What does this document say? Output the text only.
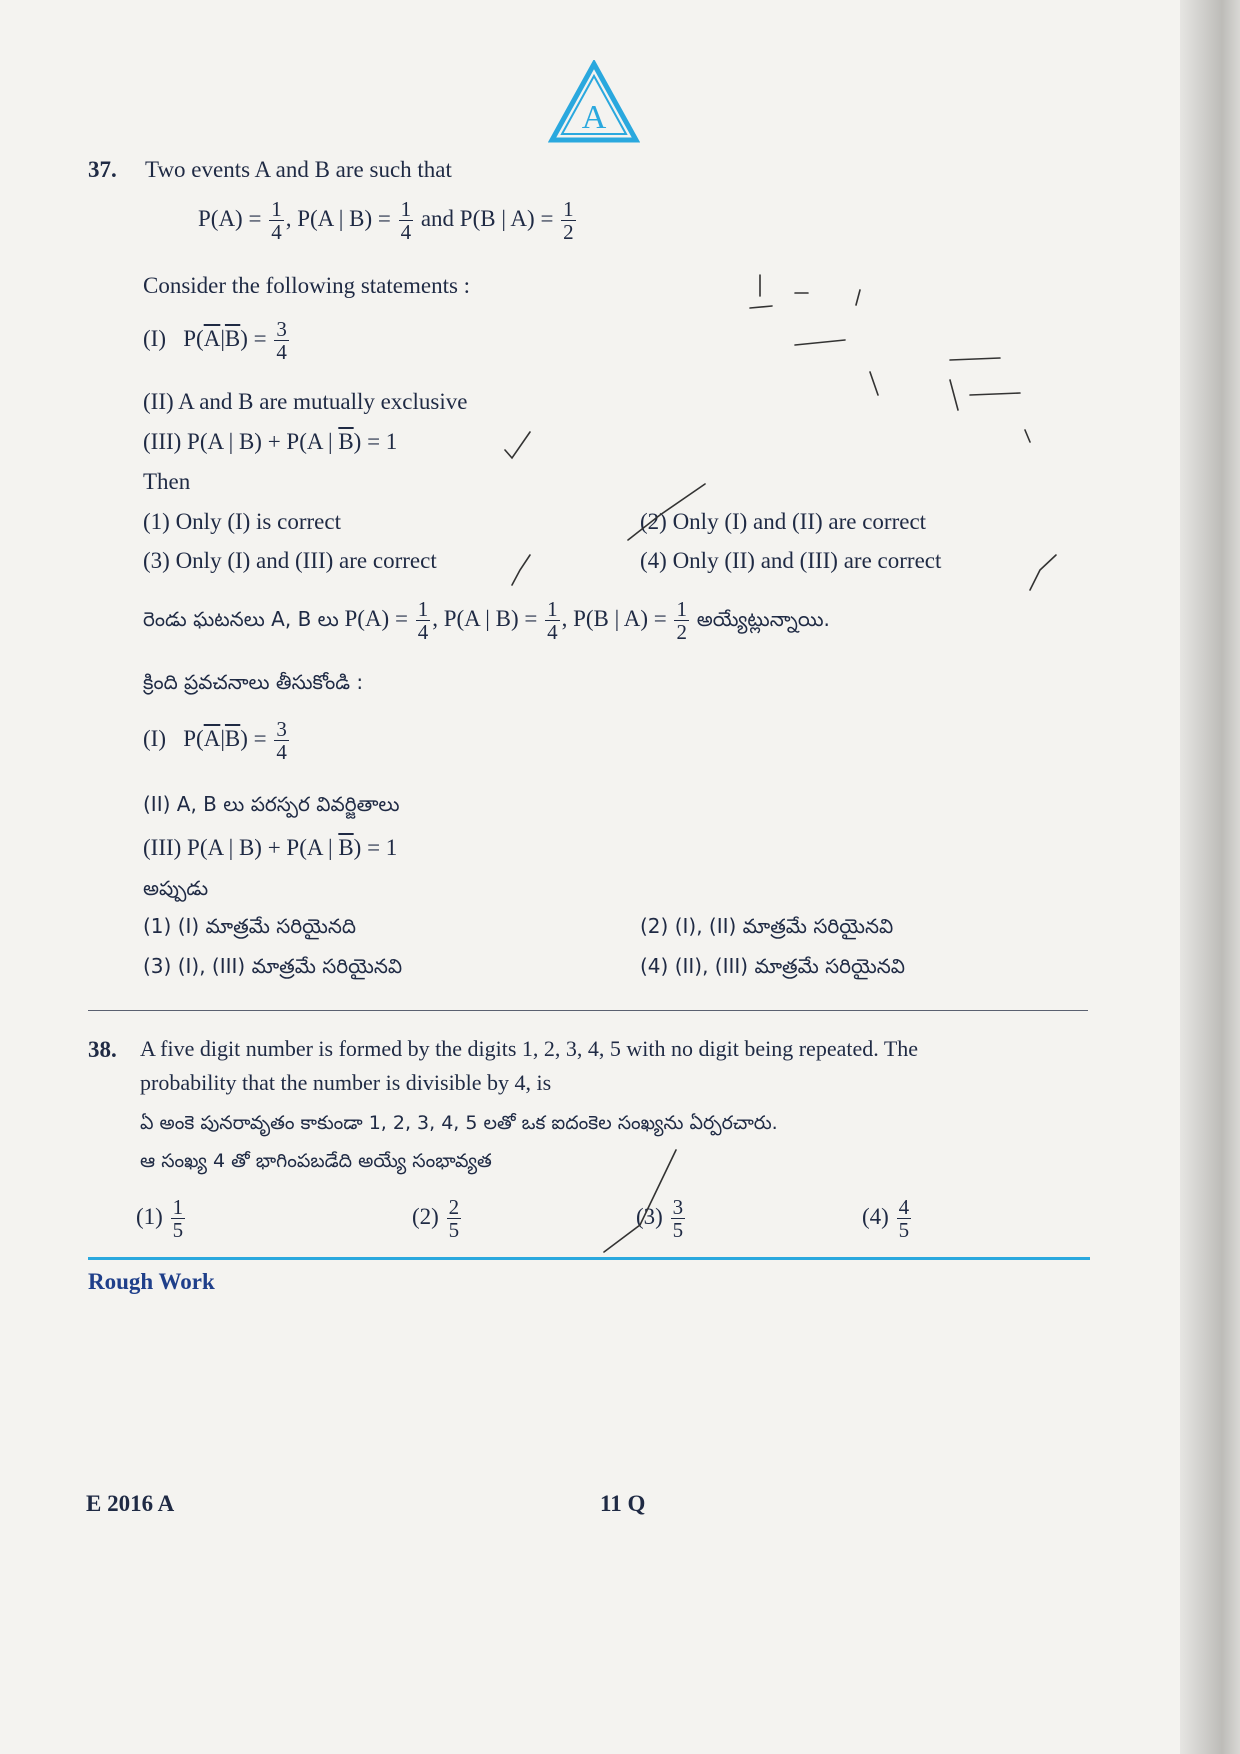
A
37. Two events A and B are such that
$P(A) = \frac{1}{4}$ , P(A | $B) = \frac{1}{4}$ and P(B | $A) = \frac{1}{2}$
Consider the following statements :
(I) $P(\overline{A}|\overline{B}) = \frac{3}{4}$
(II) A and B are mutually exclusive
(III) P(A | B) + P(A | $\overline{B}) = 1$
Then
(1) Only (I) is correct	(2) Only (I) and (II) are correct
(3) Only (I) and (III) are correct	(4) Only (II) and (III) are correct
రెండు ఘటనలు A, B లు $P(A) = \frac{1}{4}$ , P(A | $B) = \frac{1}{4}$ , P(B | $A) = \frac{1}{2}$ అయ్యేట్లున్నాయి.
క్రింది ప్రవచనాలు తీసుకోండి :
(I) $P(\overline{A}|\overline{B}) = \frac{3}{4}$
(II) A, B లు పరస్పర వివర్జితాలు
(III) P(A | B) + P(A | $\overline{B}) = 1$
అప్పుడు
(1) (I) మాత్రమే సరియైనది	(2) (I), (II) మాత్రమే సరియైనవి
(3) (I), (III) మాత్రమే సరియైనవి	(4) (II), (III) మాత్రమే సరియైనవి
38. A five digit number is formed by the digits 1, 2, 3, 4, 5 with no digit being repeated. The
probability that the number is divisible by 4, is
ఏ అంకె పునరావృతం కాకుండా 1, 2, 3, 4, 5 లతో ఒక ఐదంకెల సంఖ్యను ఏర్పరచారు.
ఆ సంఖ్య 4 తో భాగింపబడేది అయ్యే సంభావ్యత
$(1) \frac{1}{5}$	$(2) \frac{2}{5}$	$(3) \frac{3}{5}$	$(4) \frac{4}{5}$
Rough Work
E 2016 A	11 Q
